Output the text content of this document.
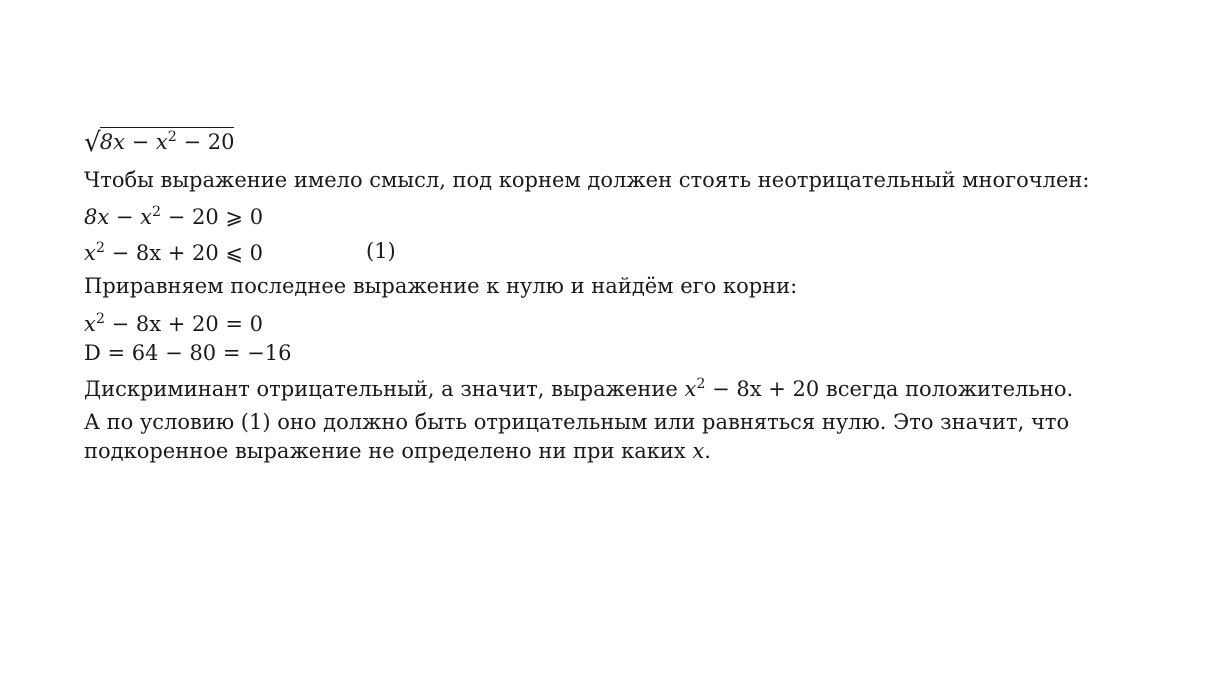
$√8x - x^2 - 20$
Чтобы выражение имело смысл, под корнем должен стоять неотрицательный многочлен:
$8x - x^2 - 20$ ⩾ 0
$x^2 - 8x + 20$ ⩽ 0	(1)
Приравняем последнее выражение к нулю и найдём его корни:
$x^2 - 8x + 20 = 0$
D = 64 − 80 = −16
Дискриминант отрицательный, а значит, выражение $x^2 - 8x + 20$ всегда положительно.
А по условию (1) оно должно быть отрицательным или равняться нулю. Это значит, что
подкоренное выражение не определено ни при каких x.
